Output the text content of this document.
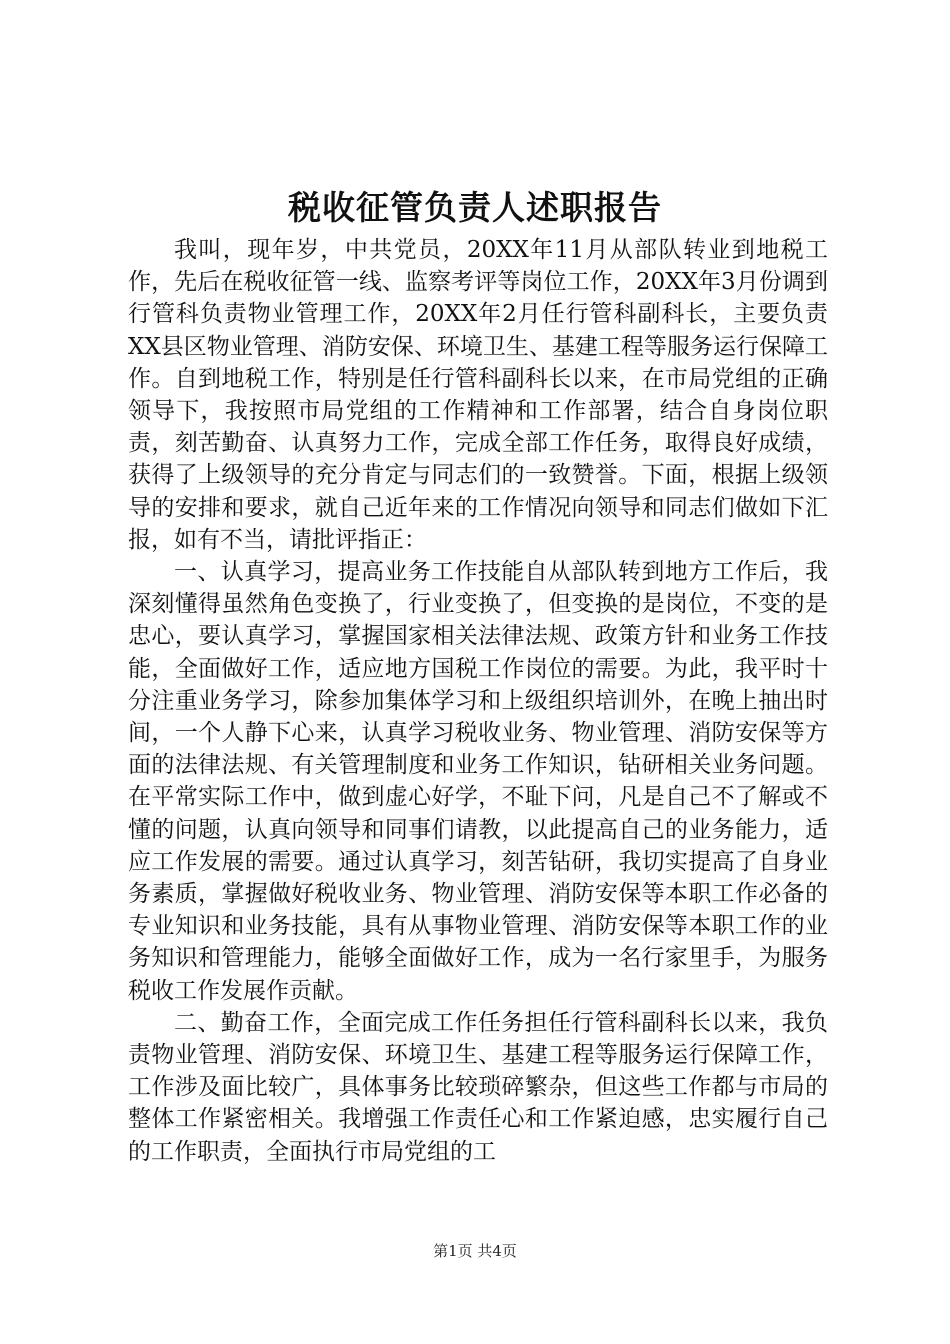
税收征管负责人述职报告

我叫，现年岁，中共党员，20XX年11月从部队转业到地税工作，先后在税收征管一线、监察考评等岗位工作，20XX年3月份调到行管科负责物业管理工作，20XX年2月任行管科副科长，主要负责XX县区物业管理、消防安保、环境卫生、基建工程等服务运行保障工作。自到地税工作，特别是任行管科副科长以来，在市局党组的正确领导下，我按照市局党组的工作精神和工作部署，结合自身岗位职责，刻苦勤奋、认真努力工作，完成全部工作任务，取得良好成绩，获得了上级领导的充分肯定与同志们的一致赞誉。下面，根据上级领导的安排和要求，就自己近年来的工作情况向领导和同志们做如下汇报，如有不当，请批评指正：

一、认真学习，提高业务工作技能自从部队转到地方工作后，我深刻懂得虽然角色变换了，行业变换了，但变换的是岗位，不变的是忠心，要认真学习，掌握国家相关法律法规、政策方针和业务工作技能，全面做好工作，适应地方国税工作岗位的需要。为此，我平时十分注重业务学习，除参加集体学习和上级组织培训外，在晚上抽出时间，一个人静下心来，认真学习税收业务、物业管理、消防安保等方面的法律法规、有关管理制度和业务工作知识，钻研相关业务问题。在平常实际工作中，做到虚心好学，不耻下问，凡是自己不了解或不懂的问题，认真向领导和同事们请教，以此提高自己的业务能力，适应工作发展的需要。通过认真学习，刻苦钻研，我切实提高了自身业务素质，掌握做好税收业务、物业管理、消防安保等本职工作必备的专业知识和业务技能，具有从事物业管理、消防安保等本职工作的业务知识和管理能力，能够全面做好工作，成为一名行家里手，为服务税收工作发展作贡献。

二、勤奋工作，全面完成工作任务担任行管科副科长以来，我负责物业管理、消防安保、环境卫生、基建工程等服务运行保障工作，工作涉及面比较广，具体事务比较琐碎繁杂，但这些工作都与市局的整体工作紧密相关。我增强工作责任心和工作紧迫感，忠实履行自己的工作职责，全面执行市局党组的工

第1页 共4页
